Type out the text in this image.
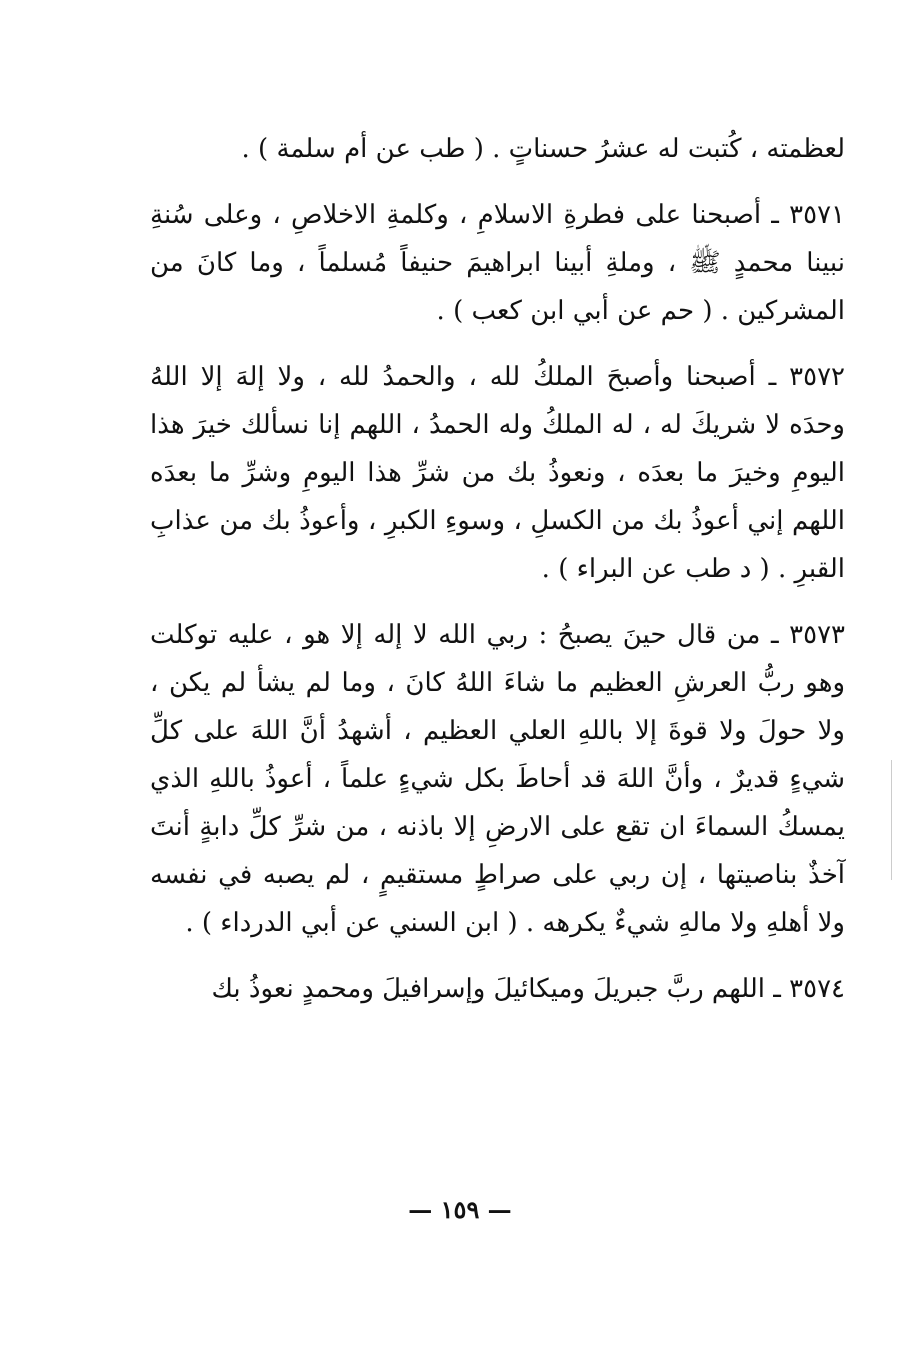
لعظمته ، كُتبت له عشرُ حسناتٍ . ( طب عن أم سلمة ) .

٣٥٧١ ـ أصبحنا على فطرةِ الاسلامِ ، وكلمةِ الاخلاصِ ، وعلى سُنةِ نبينا محمدٍ ﷺ ، وملةِ أبينا ابراهيمَ حنيفاً مُسلماً ، وما كانَ من المشركين . ( حم عن أبي ابن كعب ) .

٣٥٧٢ ـ أصبحنا وأصبحَ الملكُ لله ، والحمدُ لله ، ولا إلهَ إلا اللهُ وحدَه لا شريكَ له ، له الملكُ وله الحمدُ ، اللهم إنا نسألك خيرَ هذا اليومِ وخيرَ ما بعدَه ، ونعوذُ بك من شرِّ هذا اليومِ وشرِّ ما بعدَه اللهم إني أعوذُ بك من الكسلِ ، وسوءِ الكبرِ ، وأعوذُ بك من عذابِ القبرِ . ( د طب عن البراء ) .

٣٥٧٣ ـ من قال حينَ يصبحُ : ربي الله لا إله إلا هو ، عليه توكلت وهو ربُّ العرشِ العظيم ما شاءَ اللهُ كانَ ، وما لم يشأ لم يكن ، ولا حولَ ولا قوةَ إلا باللهِ العلي العظيم ، أشهدُ أنَّ اللهَ على كلِّ شيءٍ قديرٌ ، وأنَّ اللهَ قد أحاطَ بكل شيءٍ علماً ، أعوذُ باللهِ الذي يمسكُ السماءَ ان تقع على الارضِ إلا باذنه ، من شرِّ كلِّ دابةٍ أنتَ آخذٌ بناصيتها ، إن ربي على صراطٍ مستقيمٍ ، لم يصبه في نفسه ولا أهلهِ ولا مالهِ شيءٌ يكرهه . ( ابن السني عن أبي الدرداء ) .

٣٥٧٤ ـ اللهم ربَّ جبريلَ وميكائيلَ وإسرافيلَ ومحمدٍ نعوذُ بك

— ١٥٩ —
